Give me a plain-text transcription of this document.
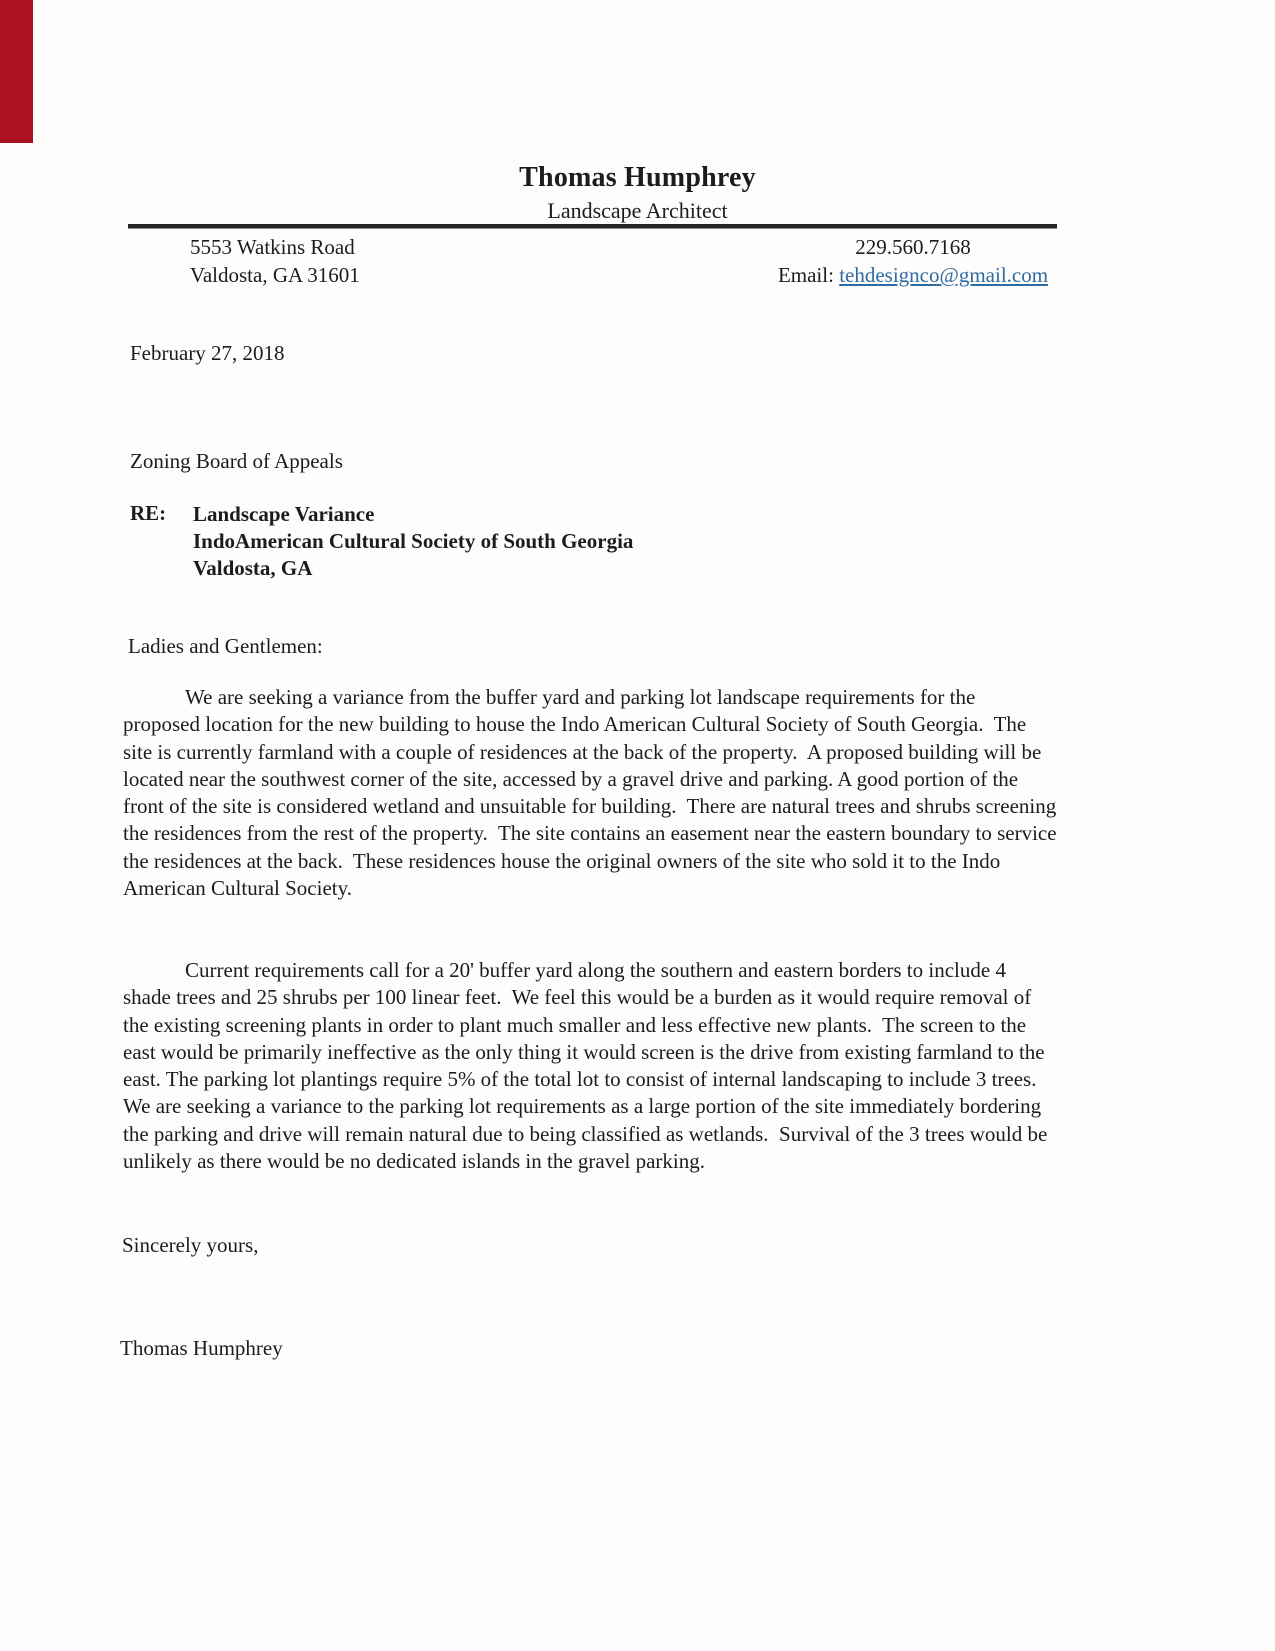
Thomas Humphrey
Landscape Architect
5553 Watkins Road
Valdosta, GA 31601
229.560.7168
Email: tehdesignco@gmail.com
February 27, 2018
Zoning Board of Appeals
RE:	Landscape Variance
IndoAmerican Cultural Society of South Georgia
Valdosta, GA
Ladies and Gentlemen:
We are seeking a variance from the buffer yard and parking lot landscape requirements for the proposed location for the new building to house the Indo American Cultural Society of South Georgia.  The site is currently farmland with a couple of residences at the back of the property.  A proposed building will be located near the southwest corner of the site, accessed by a gravel drive and parking. A good portion of the front of the site is considered wetland and unsuitable for building.  There are natural trees and shrubs screening the residences from the rest of the property.  The site contains an easement near the eastern boundary to service the residences at the back.  These residences house the original owners of the site who sold it to the Indo American Cultural Society.
Current requirements call for a 20' buffer yard along the southern and eastern borders to include 4 shade trees and 25 shrubs per 100 linear feet.  We feel this would be a burden as it would require removal of the existing screening plants in order to plant much smaller and less effective new plants.  The screen to the east would be primarily ineffective as the only thing it would screen is the drive from existing farmland to the east. The parking lot plantings require 5% of the total lot to consist of internal landscaping to include 3 trees.  We are seeking a variance to the parking lot requirements as a large portion of the site immediately bordering the parking and drive will remain natural due to being classified as wetlands.  Survival of the 3 trees would be unlikely as there would be no dedicated islands in the gravel parking.
Sincerely yours,
Thomas Humphrey
